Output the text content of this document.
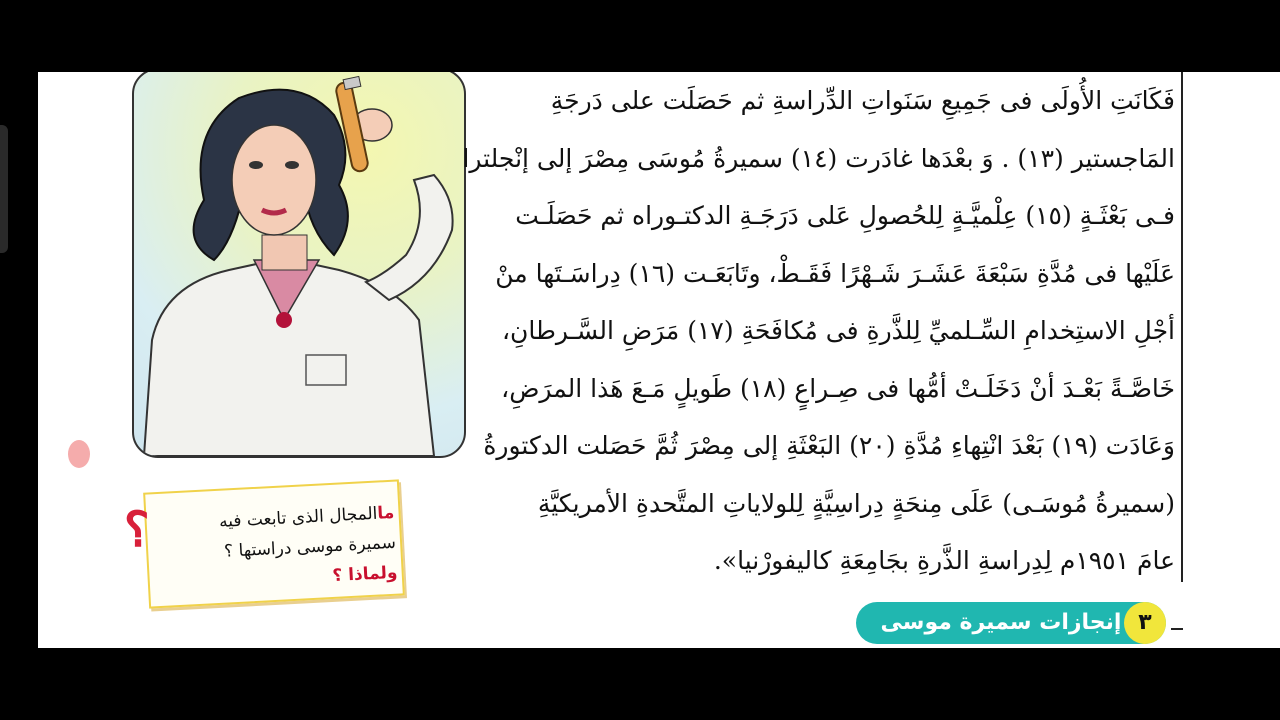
فَكَانَتِ الأُولَى فى جَمِيعِ سَنَواتِ الدِّراسةِ ثم حَصَلَت على دَرجَةِ
المَاجستير (١٣) . وَ بعْدَها غادَرت (١٤) سميرةُ مُوسَى مِصْرَ إلى إنْجلترا
فـى بَعْثَـةٍ (١٥) عِلْميَّـةٍ لِلحُصولِ عَلى دَرَجَـةِ الدكتـوراه ثم حَصَلَـت
عَلَيْها فى مُدَّةِ سَبْعَةَ عَشَـرَ شَـهْرًا فَقَـطْ، وتَابَعَـت (١٦) دِراسَـتَها منْ
أجْلِ الاستِخدامِ السِّـلميِّ لِلذَّرةِ فى مُكافَحَةِ (١٧) مَرَضِ السَّـرطانِ،
خَاصَّـةً بَعْـدَ أنْ دَخَلَـتْ أمُّها فى صِـراعٍ (١٨) طَويلٍ مَـعَ هَذا المرَضِ،
وَعَادَت (١٩) بَعْدَ انْتِهاءِ مُدَّةِ (٢٠) البَعْثَةِ إلى مِصْرَ ثُمَّ حَصَلت الدكتورةُ
(سميرةُ مُوسَـى) عَلَى مِنحَةٍ دِراسِيَّةٍ لِلولاياتِ المتَّحدةِ الأمريكيَّةِ
عامَ ١٩٥١م لِدِراسةِ الذَّرةِ بجَامِعَةِ كاليفورْنيا».
؟	ماالمجال الذى تابعت فيه
سميرة موسى دراستها ؟
ولماذا ؟
إنجازات سميرة موسى ٣
